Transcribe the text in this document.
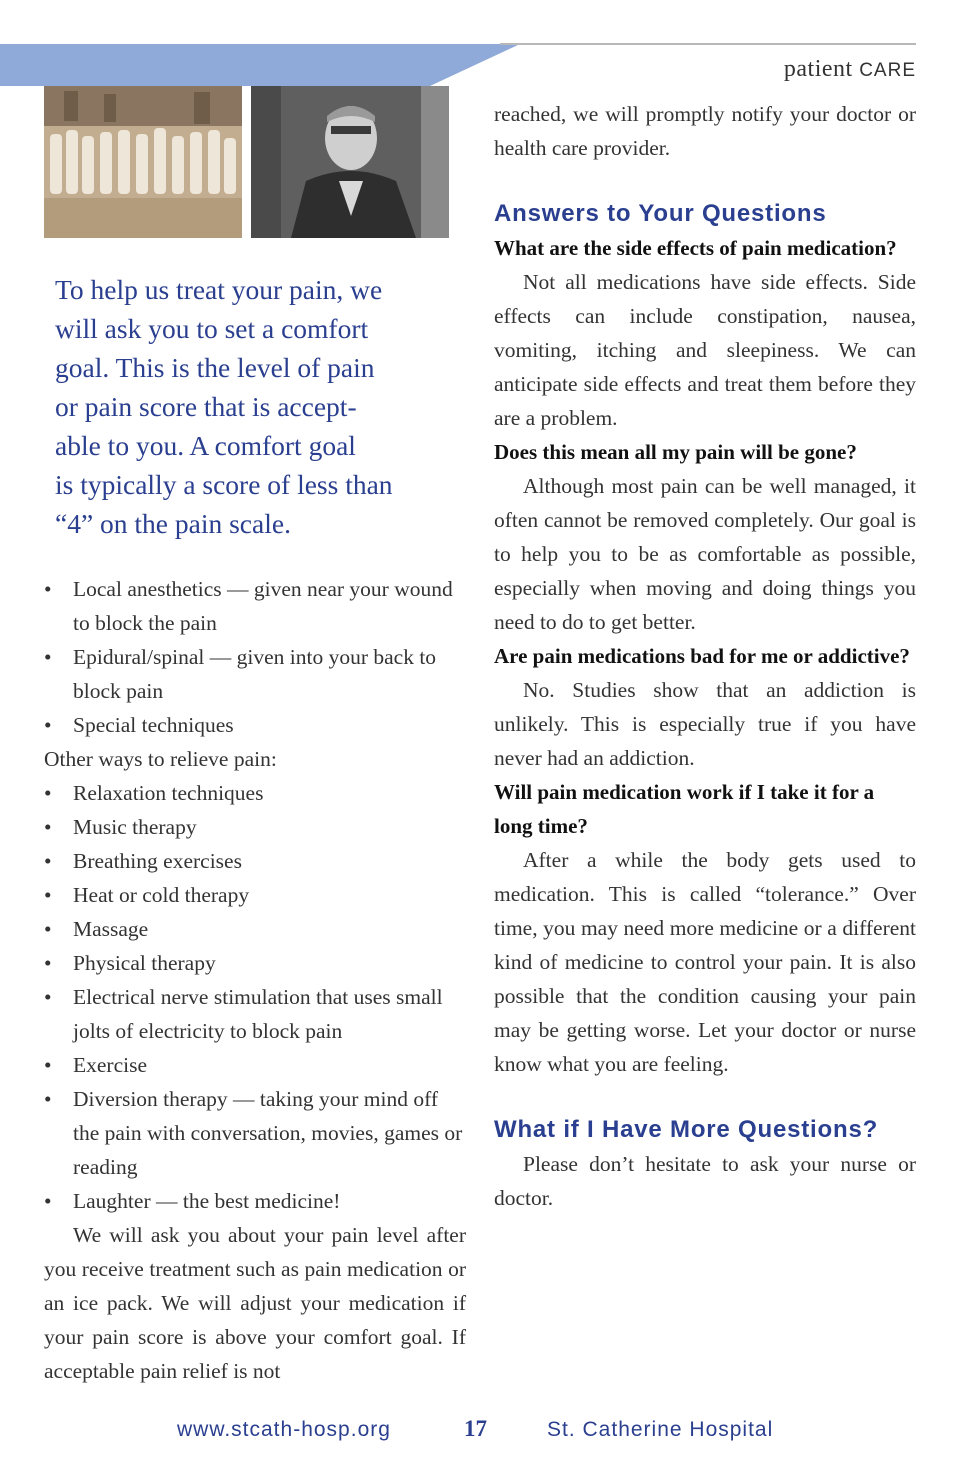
patient CARE

To help us treat your pain, we

will ask you to set a comfort

goal. This is the level of pain

or pain score that is accept-

able to you. A comfort goal

is typically a score of less than

“4” on the pain scale.

• Local anesthetics — given near your wound to block the pain
• Epidural/spinal — given into your back to block pain
• Special techniques

Other ways to relieve pain:

• Relaxation techniques
• Music therapy
• Breathing exercises
• Heat or cold therapy
• Massage
• Physical therapy
• Electrical nerve stimulation that uses small jolts of electricity to block pain
• Exercise
• Diversion therapy — taking your mind off the pain with conversation, movies, games or reading
• Laughter — the best medicine!

We will ask you about your pain level after you receive treatment such as pain medication or an ice pack. We will adjust your medication if your pain score is above your comfort goal. If acceptable pain relief is not

reached, we will promptly notify your doctor or health care provider.

Answers to Your Questions

What are the side effects of pain medication?

Not all medications have side effects. Side effects can include constipation, nausea, vomiting, itching and sleepiness. We can anticipate side effects and treat them before they are a problem.

Does this mean all my pain will be gone?

Although most pain can be well managed, it often cannot be removed completely. Our goal is to help you to be as comfortable as possible, especially when moving and doing things you need to do to get better.

Are pain medications bad for me or addictive?

No. Studies show that an addiction is unlikely. This is especially true if you have never had an addiction.

Will pain medication work if I take it for a long time?

After a while the body gets used to medication. This is called “tolerance.” Over time, you may need more medicine or a different kind of medicine to control your pain. It is also possible that the condition causing your pain may be getting worse. Let your doctor or nurse know what you are feeling.

What if I Have More Questions?

Please don’t hesitate to ask your nurse or doctor.

www.stcath-hosp.org	17	St. Catherine Hospital
